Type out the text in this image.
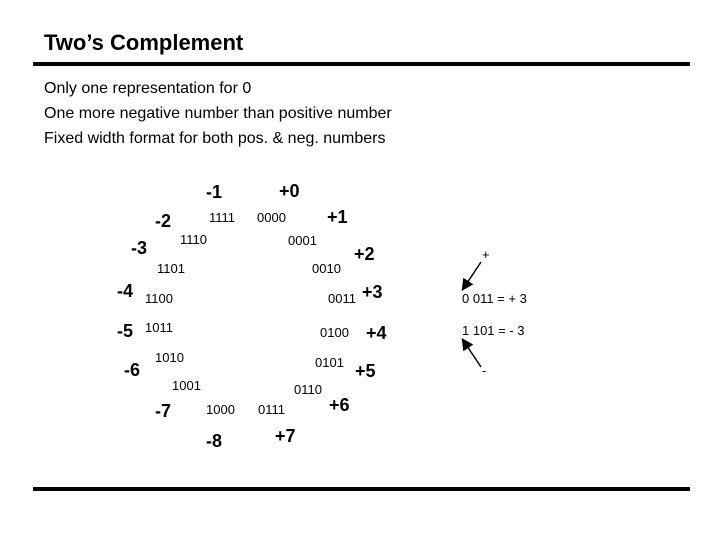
Two’s Complement
Only one representation for 0
One more negative number than positive number
Fixed width format for both pos. & neg. numbers
+0
+1
+2
+3
+4
+5
+6
+7
-8
-7
-6
-5
-4
-3
-2
-1
0000
0001
0010
0011
0100
0101
0110
0111
1000
1001
1010
1011
1100
1101
1110
1111
+
0 011 = + 3
1 101 = - 3
-
